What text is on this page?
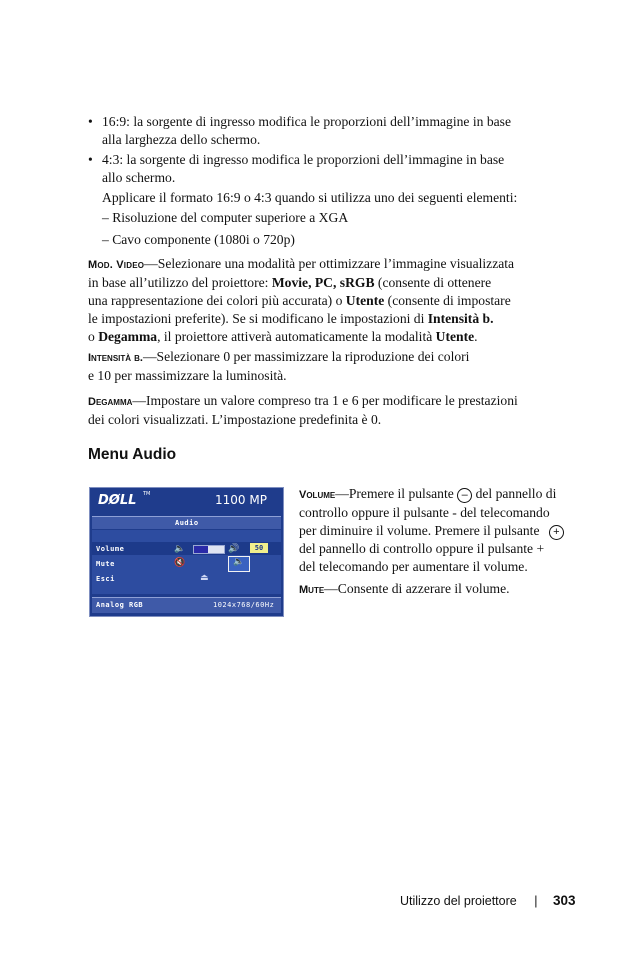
• 16:9: la sorgente di ingresso modifica le proporzioni dell’immagine in base
alla larghezza dello schermo.
• 4:3: la sorgente di ingresso modifica le proporzioni dell’immagine in base
allo schermo.
Applicare il formato 16:9 o 4:3 quando si utilizza uno dei seguenti elementi:
– Risoluzione del computer superiore a XGA
– Cavo componente (1080i o 720p)
Mod. Video—Selezionare una modalità per ottimizzare l’immagine visualizzata
in base all’utilizzo del proiettore: Movie, PC, sRGB (consente di ottenere
una rappresentazione dei colori più accurata) o Utente (consente di impostare
le impostazioni preferite). Se si modificano le impostazioni di Intensità b.
o Degamma, il proiettore attiverà automaticamente la modalità Utente.
Intensità b.—Selezionare 0 per massimizzare la riproduzione dei colori
e 10 per massimizzare la luminosità.
Degamma—Impostare un valore compreso tra 1 e 6 per modificare le prestazioni
dei colori visualizzati. L’impostazione predefinita è 0.
Menu Audio
DØLL TM	1100 MP
Audio
Volume	🔈	🔊	50
Mute	🔇	🔈
Esci	⏏
Analog RGB	1024x768/60Hz
Volume—Premere il pulsante – del pannello di
controllo oppure il pulsante - del telecomando
per diminuire il volume. Premere il pulsante +
del pannello di controllo oppure il pulsante +
del telecomando per aumentare il volume.
Mute—Consente di azzerare il volume.
Utilizzo del proiettore | 303
